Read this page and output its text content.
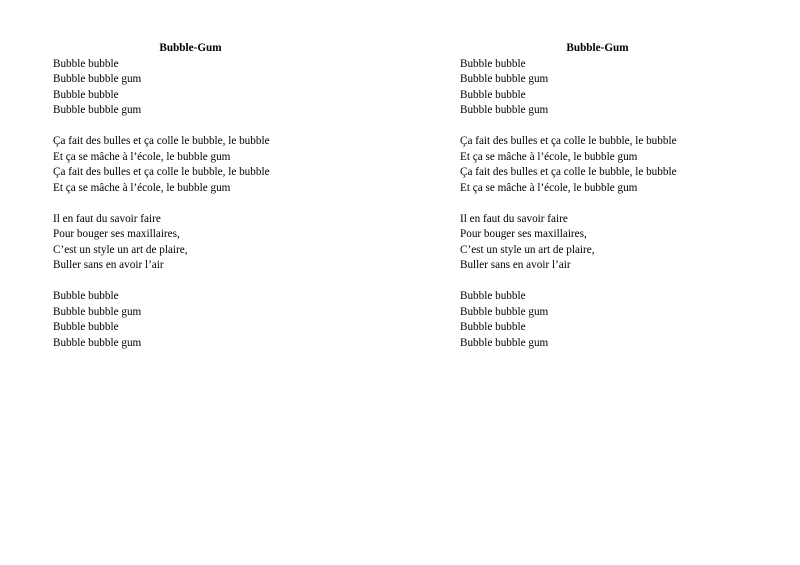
Bubble-Gum
Bubble bubble
Bubble bubble gum
Bubble bubble
Bubble bubble gum
Ça fait des bulles et ça colle le bubble, le bubble
Et ça se mâche à l’école, le bubble gum
Ça fait des bulles et ça colle le bubble, le bubble
Et ça se mâche à l’école, le bubble gum
Il en faut du savoir faire
Pour bouger ses maxillaires,
C’est un style un art de plaire,
Buller sans en avoir l’air
Bubble bubble
Bubble bubble gum
Bubble bubble
Bubble bubble gum
Bubble-Gum
Bubble bubble
Bubble bubble gum
Bubble bubble
Bubble bubble gum
Ça fait des bulles et ça colle le bubble, le bubble
Et ça se mâche à l’école, le bubble gum
Ça fait des bulles et ça colle le bubble, le bubble
Et ça se mâche à l’école, le bubble gum
Il en faut du savoir faire
Pour bouger ses maxillaires,
C’est un style un art de plaire,
Buller sans en avoir l’air
Bubble bubble
Bubble bubble gum
Bubble bubble
Bubble bubble gum
